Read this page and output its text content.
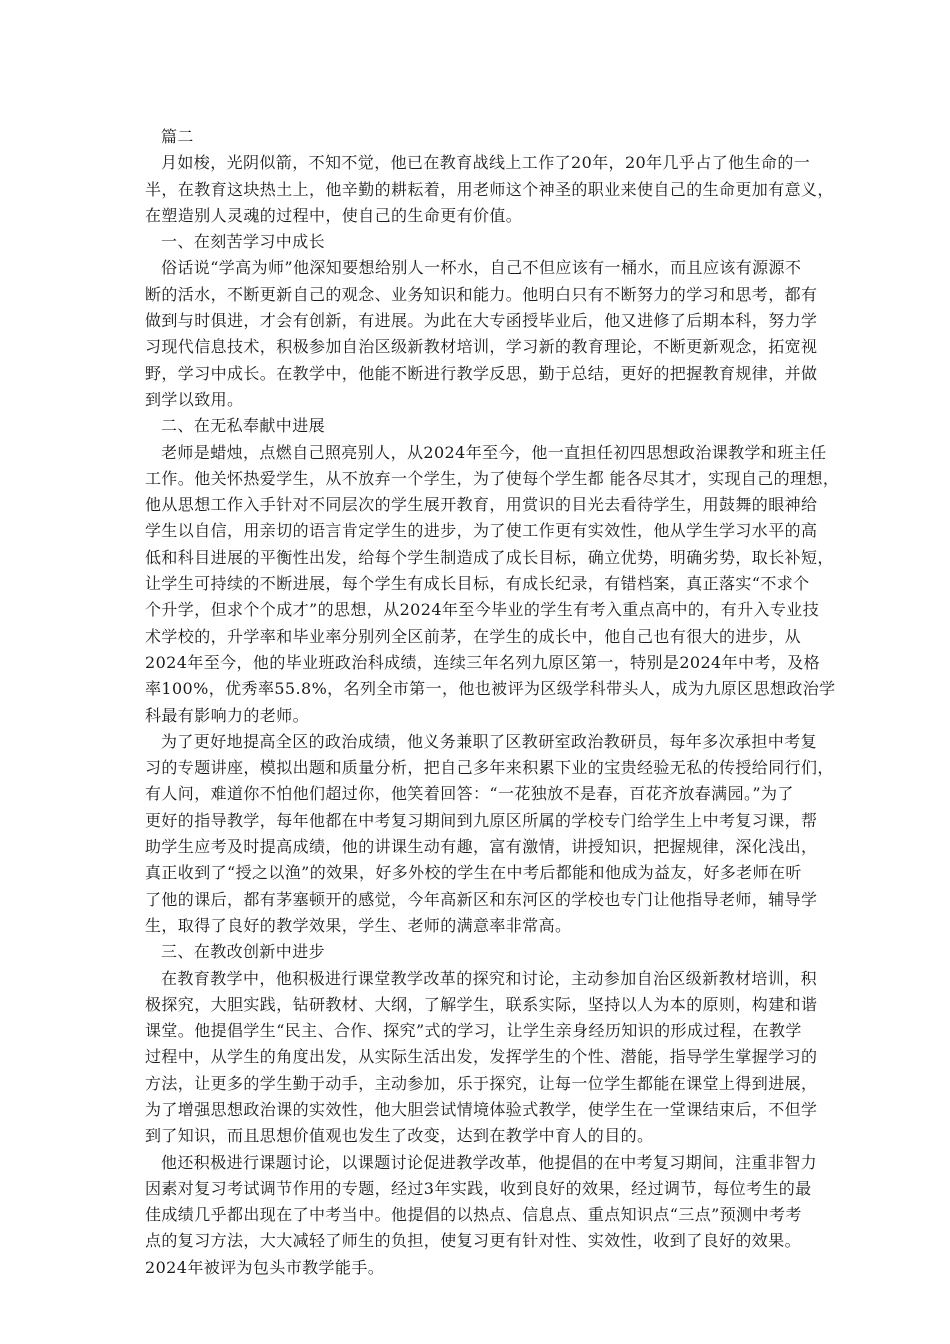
篇二

月如梭，光阴似箭，不知不觉，他已在教育战线上工作了20年，20年几乎占了他生命的一

半，在教育这块热土上，他辛勤的耕耘着，用老师这个神圣的职业来使自己的生命更加有意义，

在塑造别人灵魂的过程中，使自己的生命更有价值。

一、在刻苦学习中成长

俗话说“学高为师”他深知要想给别人一杯水，自己不但应该有一桶水，而且应该有源源不

断的活水，不断更新自己的观念、业务知识和能力。他明白只有不断努力的学习和思考，都有

做到与时俱进，才会有创新，有进展。为此在大专函授毕业后，他又进修了后期本科，努力学

习现代信息技术，积极参加自治区级新教材培训，学习新的教育理论，不断更新观念，拓宽视

野，学习中成长。在教学中，他能不断进行教学反思，勤于总结，更好的把握教育规律，并做

到学以致用。

二、在无私奉献中进展

老师是蜡烛，点燃自己照亮别人，从2024年至今，他一直担任初四思想政治课教学和班主任

工作。他关怀热爱学生，从不放弃一个学生，为了使每个学生都 能各尽其才，实现自己的理想，

他从思想工作入手针对不同层次的学生展开教育，用赏识的目光去看待学生，用鼓舞的眼神给

学生以自信，用亲切的语言肯定学生的进步，为了使工作更有实效性，他从学生学习水平的高

低和科目进展的平衡性出发，给每个学生制造成了成长目标，确立优势，明确劣势，取长补短，

让学生可持续的不断进展，每个学生有成长目标，有成长纪录，有错档案，真正落实“不求个

个升学，但求个个成才”的思想，从2024年至今毕业的学生有考入重点高中的，有升入专业技

术学校的，升学率和毕业率分别列全区前茅，在学生的成长中，他自己也有很大的进步，从

2024年至今，他的毕业班政治科成绩，连续三年名列九原区第一，特别是2024年中考，及格

率100%，优秀率55.8%，名列全市第一，他也被评为区级学科带头人，成为九原区思想政治学

科最有影响力的老师。

为了更好地提高全区的政治成绩，他义务兼职了区教研室政治教研员，每年多次承担中考复

习的专题讲座，模拟出题和质量分析，把自己多年来积累下业的宝贵经验无私的传授给同行们，

有人问，难道你不怕他们超过你，他笑着回答：“一花独放不是春，百花齐放春满园。”为了

更好的指导教学，每年他都在中考复习期间到九原区所属的学校专门给学生上中考复习课，帮

助学生应考及时提高成绩，他的讲课生动有趣，富有激情，讲授知识，把握规律，深化浅出，

真正收到了“授之以渔”的效果，好多外校的学生在中考后都能和他成为益友，好多老师在听

了他的课后，都有茅塞顿开的感觉，今年高新区和东河区的学校也专门让他指导老师，辅导学

生，取得了良好的教学效果，学生、老师的满意率非常高。

三、在教改创新中进步

在教育教学中，他积极进行课堂教学改革的探究和讨论，主动参加自治区级新教材培训，积

极探究，大胆实践，钻研教材、大纲，了解学生，联系实际，坚持以人为本的原则，构建和谐

课堂。他提倡学生“民主、合作、探究”式的学习，让学生亲身经历知识的形成过程，在教学

过程中，从学生的角度出发，从实际生活出发，发挥学生的个性、潜能，指导学生掌握学习的

方法，让更多的学生勤于动手，主动参加，乐于探究，让每一位学生都能在课堂上得到进展，

为了增强思想政治课的实效性，他大胆尝试情境体验式教学，使学生在一堂课结束后，不但学

到了知识，而且思想价值观也发生了改变，达到在教学中育人的目的。

他还积极进行课题讨论，以课题讨论促进教学改革，他提倡的在中考复习期间，注重非智力

因素对复习考试调节作用的专题，经过3年实践，收到良好的效果，经过调节，每位考生的最

佳成绩几乎都出现在了中考当中。他提倡的以热点、信息点、重点知识点“三点”预测中考考

点的复习方法，大大减轻了师生的负担，使复习更有针对性、实效性，收到了良好的效果。

2024年被评为包头市教学能手。
